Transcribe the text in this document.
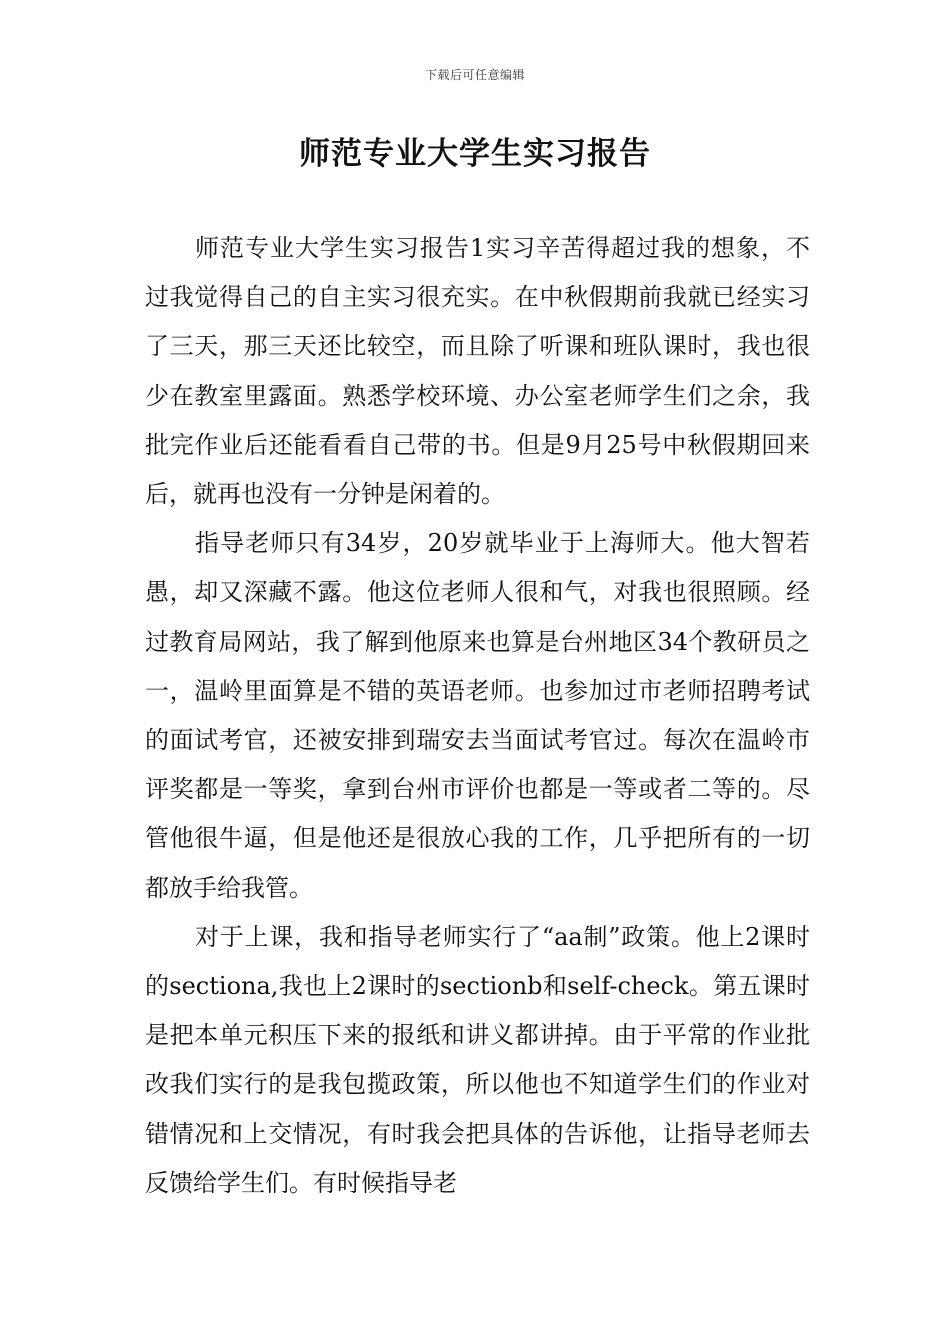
下载后可任意编辑
师范专业大学生实习报告

师范专业大学生实习报告1实习辛苦得超过我的想象，不过我觉得自己的自主实习很充实。在中秋假期前我就已经实习了三天，那三天还比较空，而且除了听课和班队课时，我也很少在教室里露面。熟悉学校环境、办公室老师学生们之余，我批完作业后还能看看自己带的书。但是9月25号中秋假期回来后，就再也没有一分钟是闲着的。

指导老师只有34岁，20岁就毕业于上海师大。他大智若愚，却又深藏不露。他这位老师人很和气，对我也很照顾。经过教育局网站，我了解到他原来也算是台州地区34个教研员之一，温岭里面算是不错的英语老师。也参加过市老师招聘考试的面试考官，还被安排到瑞安去当面试考官过。每次在温岭市评奖都是一等奖，拿到台州市评价也都是一等或者二等的。尽管他很牛逼，但是他还是很放心我的工作，几乎把所有的一切都放手给我管。

对于上课，我和指导老师实行了“aa制”政策。他上2课时的sectiona,我也上2课时的sectionb和self-check。第五课时是把本单元积压下来的报纸和讲义都讲掉。由于平常的作业批改我们实行的是我包揽政策，所以他也不知道学生们的作业对错情况和上交情况，有时我会把具体的告诉他，让指导老师去反馈给学生们。有时候指导老
